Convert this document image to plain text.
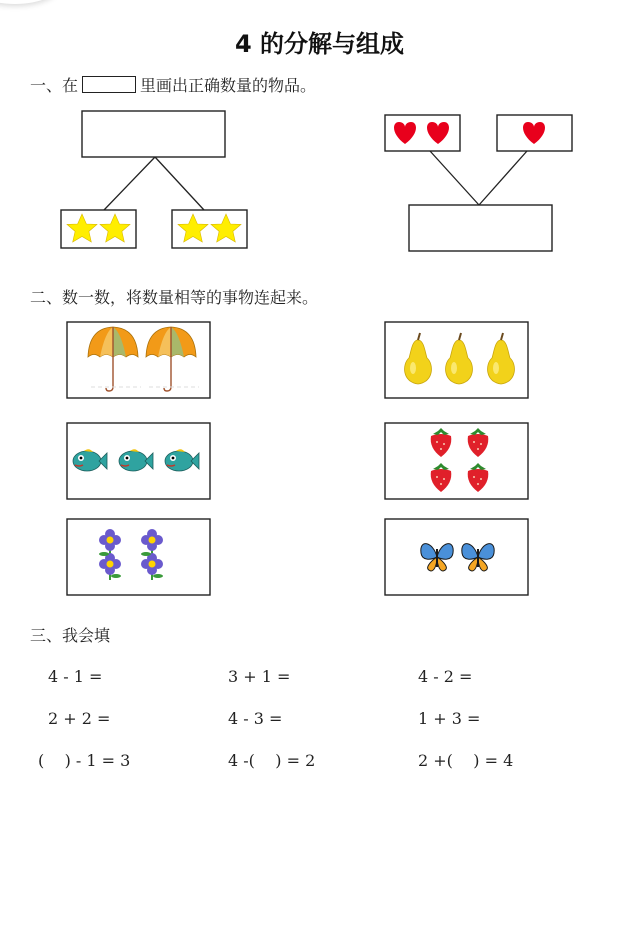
4 的分解与组成
一、在	里画出正确数量的物品。
二、数一数，将数量相等的事物连起来。
三、我会填
4 - 1 =	3 + 1 =	4 - 2 =
2 + 2 =	4 - 3 =	1 + 3 =
(    ) - 1 = 3	4 -(    ) = 2	2 +(    ) = 4
